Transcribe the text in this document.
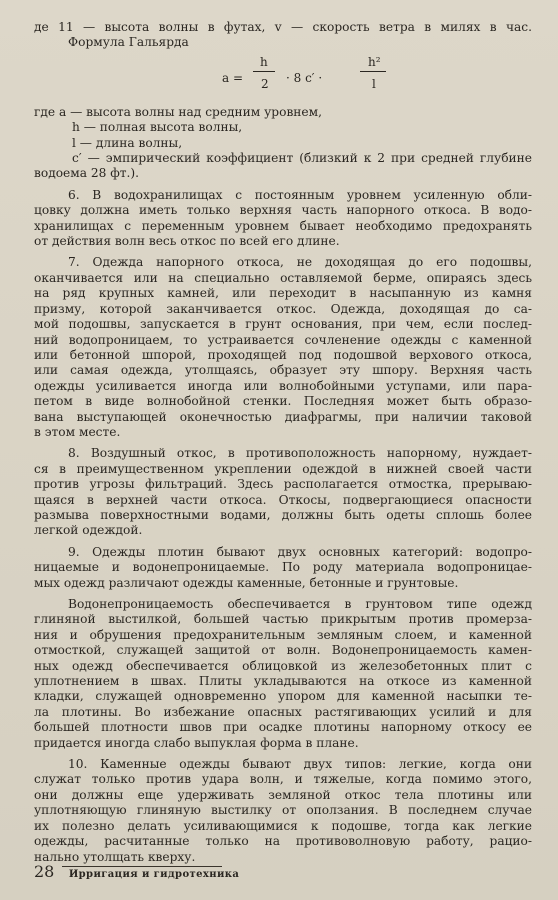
де 11 — высота волны в футах, v — скорость ветра в милях в час.
Формула Гальярда
a =
h
2 · 8 c′ ·
h²
l
где a — высота волны над средним уровнем,
h — полная высота волны,
l — длина волны,
c′ — эмпирический коэффициент (близкий к 2 при средней глубине
водоема 28 фт.).
6. В водохранилищах с постоянным уровнем усиленную обли-
цовку должна иметь только верхняя часть напорного откоса. В водо-
хранилищах с переменным уровнем бывает необходимо предохранять
от действия волн весь откос по всей его длине.
7. Одежда напорного откоса, не доходящая до его подошвы,
оканчивается или на специально оставляемой берме, опираясь здесь
на ряд крупных камней, или переходит в насыпанную из камня
призму, которой заканчивается откос. Одежда, доходящая до са-
мой подошвы, запускается в грунт основания, при чем, если послед-
ний водопроницаем, то устраивается сочленение одежды с каменной
или бетонной шпорой, проходящей под подошвой верхового откоса,
или самая одежда, утолщаясь, образует эту шпору. Верхняя часть
одежды усиливается иногда или волнобойными уступами, или пара-
петом в виде волнобойной стенки. Последняя может быть образо-
вана выступающей оконечностью диафрагмы, при наличии таковой
в этом месте.
8. Воздушный откос, в противоположность напорному, нуждает-
ся в преимущественном укреплении одеждой в нижней своей части
против угрозы фильтраций. Здесь располагается отмостка, прерываю-
щаяся в верхней части откоса. Откосы, подвергающиеся опасности
размыва поверхностными водами, должны быть одеты сплошь более
легкой одеждой.
9. Одежды плотин бывают двух основных категорий: водопро-
ницаемые и водонепроницаемые. По роду материала водопроницае-
мых одежд различают одежды каменные, бетонные и грунтовые.
Водонепроницаемость обеспечивается в грунтовом типе одежд
глиняной выстилкой, большей частью прикрытым против промерза-
ния и обрушения предохранительным земляным слоем, и каменной
отмосткой, служащей защитой от волн. Водонепроницаемость камен-
ных одежд обеспечивается облицовкой из железобетонных плит с
уплотнением в швах. Плиты укладываются на откосе из каменной
кладки, служащей одновременно упором для каменной насыпки те-
ла плотины. Во избежание опасных растягивающих усилий и для
большей плотности швов при осадке плотины напорному откосу ее
придается иногда слабо выпуклая форма в плане.
10. Каменные одежды бывают двух типов: легкие, когда они
служат только против удара волн, и тяжелые, когда помимо этого,
они должны еще удерживать земляной откос тела плотины или
уплотняющую глиняную выстилку от оползания. В последнем случае
их полезно делать усиливающимися к подошве, тогда как легкие
одежды, расчитанные только на противоволновую работу, рацио-
нально утолщать кверху.
28 Ирригация и гидротехника
